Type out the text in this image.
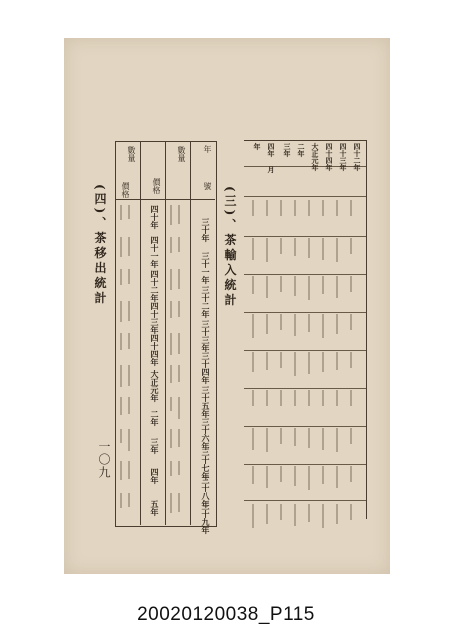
(三)、茶輸入統計
(四)、茶移出統計
一〇九
年
號
數量
價格
數量
價格
三十年
三十一年
三十二年
三十三年
三十四年
三十五年
三十六年
三十七年
三十八年
三十九年
四十年
四十一年
四十二年
四十三年
四十四年
大正元年
二年
三年
四年
五年
四十二年
四十三年
四十四年
大正元年
二年
三年
四年
年
月
20020120038_P115
